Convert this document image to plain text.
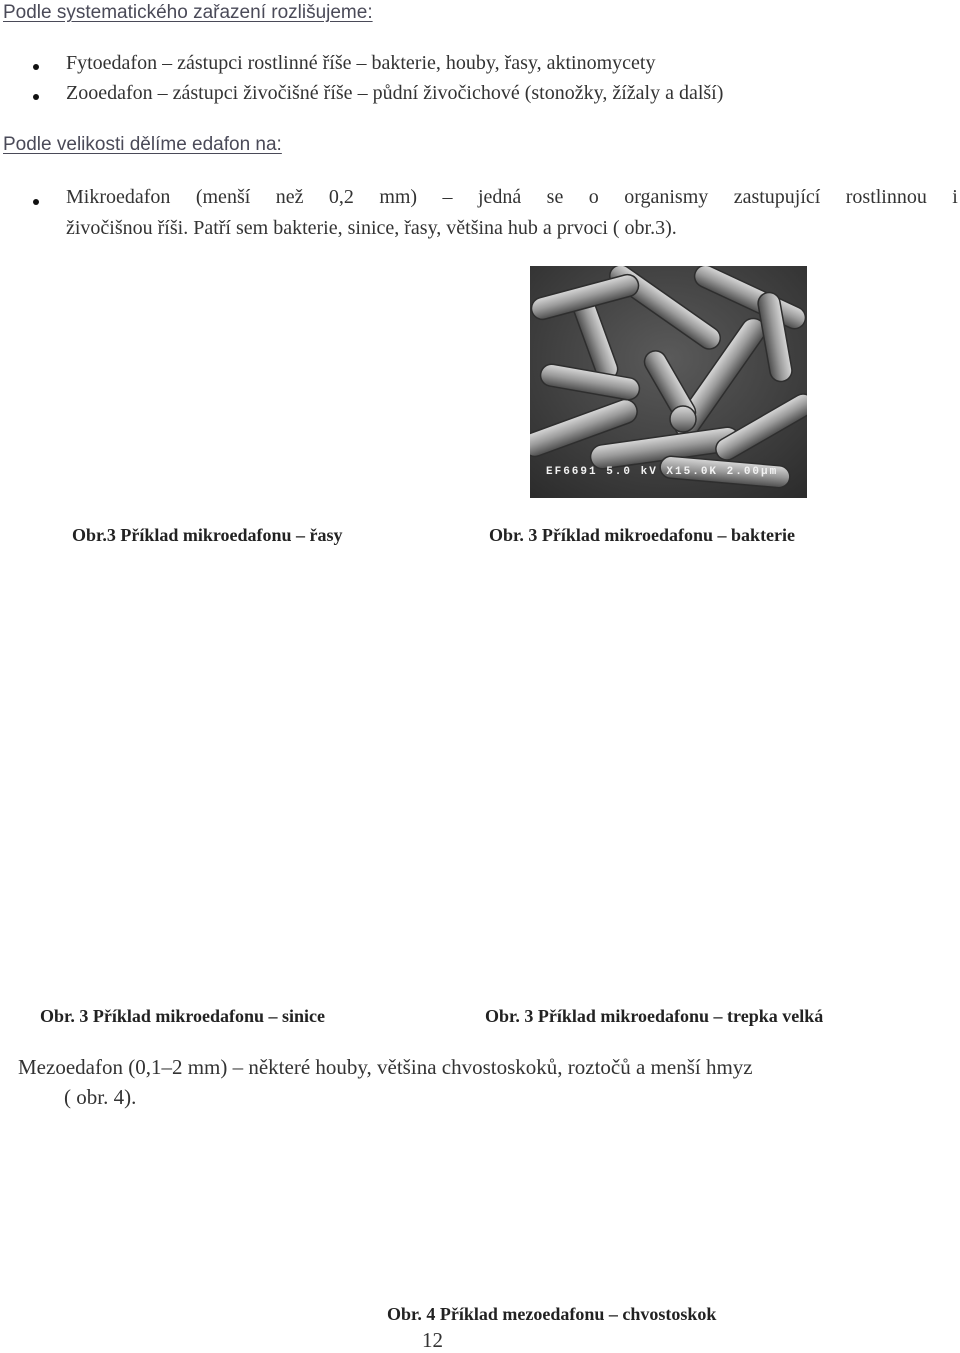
Podle systematického zařazení rozlišujeme:
Fytoedafon – zástupci rostlinné říše – bakterie, houby, řasy, aktinomycety
Zooedafon – zástupci živočišné říše – půdní živočichové (stonožky, žížaly a další)
Podle velikosti dělíme edafon na:
Mikroedafon (menší než 0,2 mm) – jedná se o organismy zastupující rostlinnou i
živočišnou říši. Patří sem bakterie, sinice, řasy, většina hub a prvoci ( obr.3).
EF6691 5.0 kV X15.0K 2.00µm
Obr.3 Příklad mikroedafonu – řasy	Obr. 3 Příklad mikroedafonu – bakterie
Obr. 3 Příklad mikroedafonu – sinice	Obr. 3 Příklad mikroedafonu – trepka velká
Mezoedafon (0,1–2 mm) – některé houby, většina chvostoskoků, roztočů a menší hmyz
( obr. 4).
Obr. 4 Příklad mezoedafonu – chvostoskok
12
